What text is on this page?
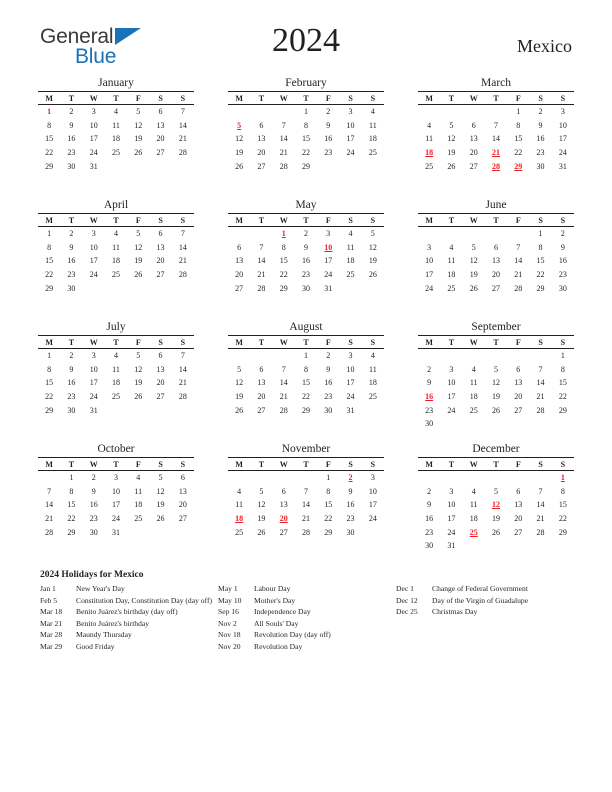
General
Blue	2024	Mexico
January
M	T	W	T	F	S	S
1	2	3	4	5	6	7
8	9	10	11	12	13	14
15	16	17	18	19	20	21
22	23	24	25	26	27	28
29	30	31				
February
M	T	W	T	F	S	S
			1	2	3	4
5	6	7	8	9	10	11
12	13	14	15	16	17	18
19	20	21	22	23	24	25
26	27	28	29			
March
M	T	W	T	F	S	S
				1	2	3
4	5	6	7	8	9	10
11	12	13	14	15	16	17
18	19	20	21	22	23	24
25	26	27	28	29	30	31
April
M	T	W	T	F	S	S
1	2	3	4	5	6	7
8	9	10	11	12	13	14
15	16	17	18	19	20	21
22	23	24	25	26	27	28
29	30					
May
M	T	W	T	F	S	S
		1	2	3	4	5
6	7	8	9	10	11	12
13	14	15	16	17	18	19
20	21	22	23	24	25	26
27	28	29	30	31		
June
M	T	W	T	F	S	S
					1	2
3	4	5	6	7	8	9
10	11	12	13	14	15	16
17	18	19	20	21	22	23
24	25	26	27	28	29	30
July
M	T	W	T	F	S	S
1	2	3	4	5	6	7
8	9	10	11	12	13	14
15	16	17	18	19	20	21
22	23	24	25	26	27	28
29	30	31				
August
M	T	W	T	F	S	S
			1	2	3	4
5	6	7	8	9	10	11
12	13	14	15	16	17	18
19	20	21	22	23	24	25
26	27	28	29	30	31	
September
M	T	W	T	F	S	S
						1
2	3	4	5	6	7	8
9	10	11	12	13	14	15
16	17	18	19	20	21	22
23	24	25	26	27	28	29
30						
October
M	T	W	T	F	S	S
	1	2	3	4	5	6
7	8	9	10	11	12	13
14	15	16	17	18	19	20
21	22	23	24	25	26	27
28	29	30	31			
November
M	T	W	T	F	S	S
				1	2	3
4	5	6	7	8	9	10
11	12	13	14	15	16	17
18	19	20	21	22	23	24
25	26	27	28	29	30	
December
M	T	W	T	F	S	S
						1
2	3	4	5	6	7	8
9	10	11	12	13	14	15
16	17	18	19	20	21	22
23	24	25	26	27	28	29
30	31					
2024 Holidays for Mexico
Jan 1	New Year's Day
Feb 5	Constitution Day, Constitution Day (day off)
Mar 18	Benito Juárez's birthday (day off)
Mar 21	Benito Juárez's birthday
Mar 28	Maundy Thursday
Mar 29	Good Friday
May 1	Labour Day
May 10	Mother's Day
Sep 16	Independence Day
Nov 2	All Souls' Day
Nov 18	Revolution Day (day off)
Nov 20	Revolution Day
Dec 1	Change of Federal Government
Dec 12	Day of the Virgin of Guadalupe
Dec 25	Christmas Day
